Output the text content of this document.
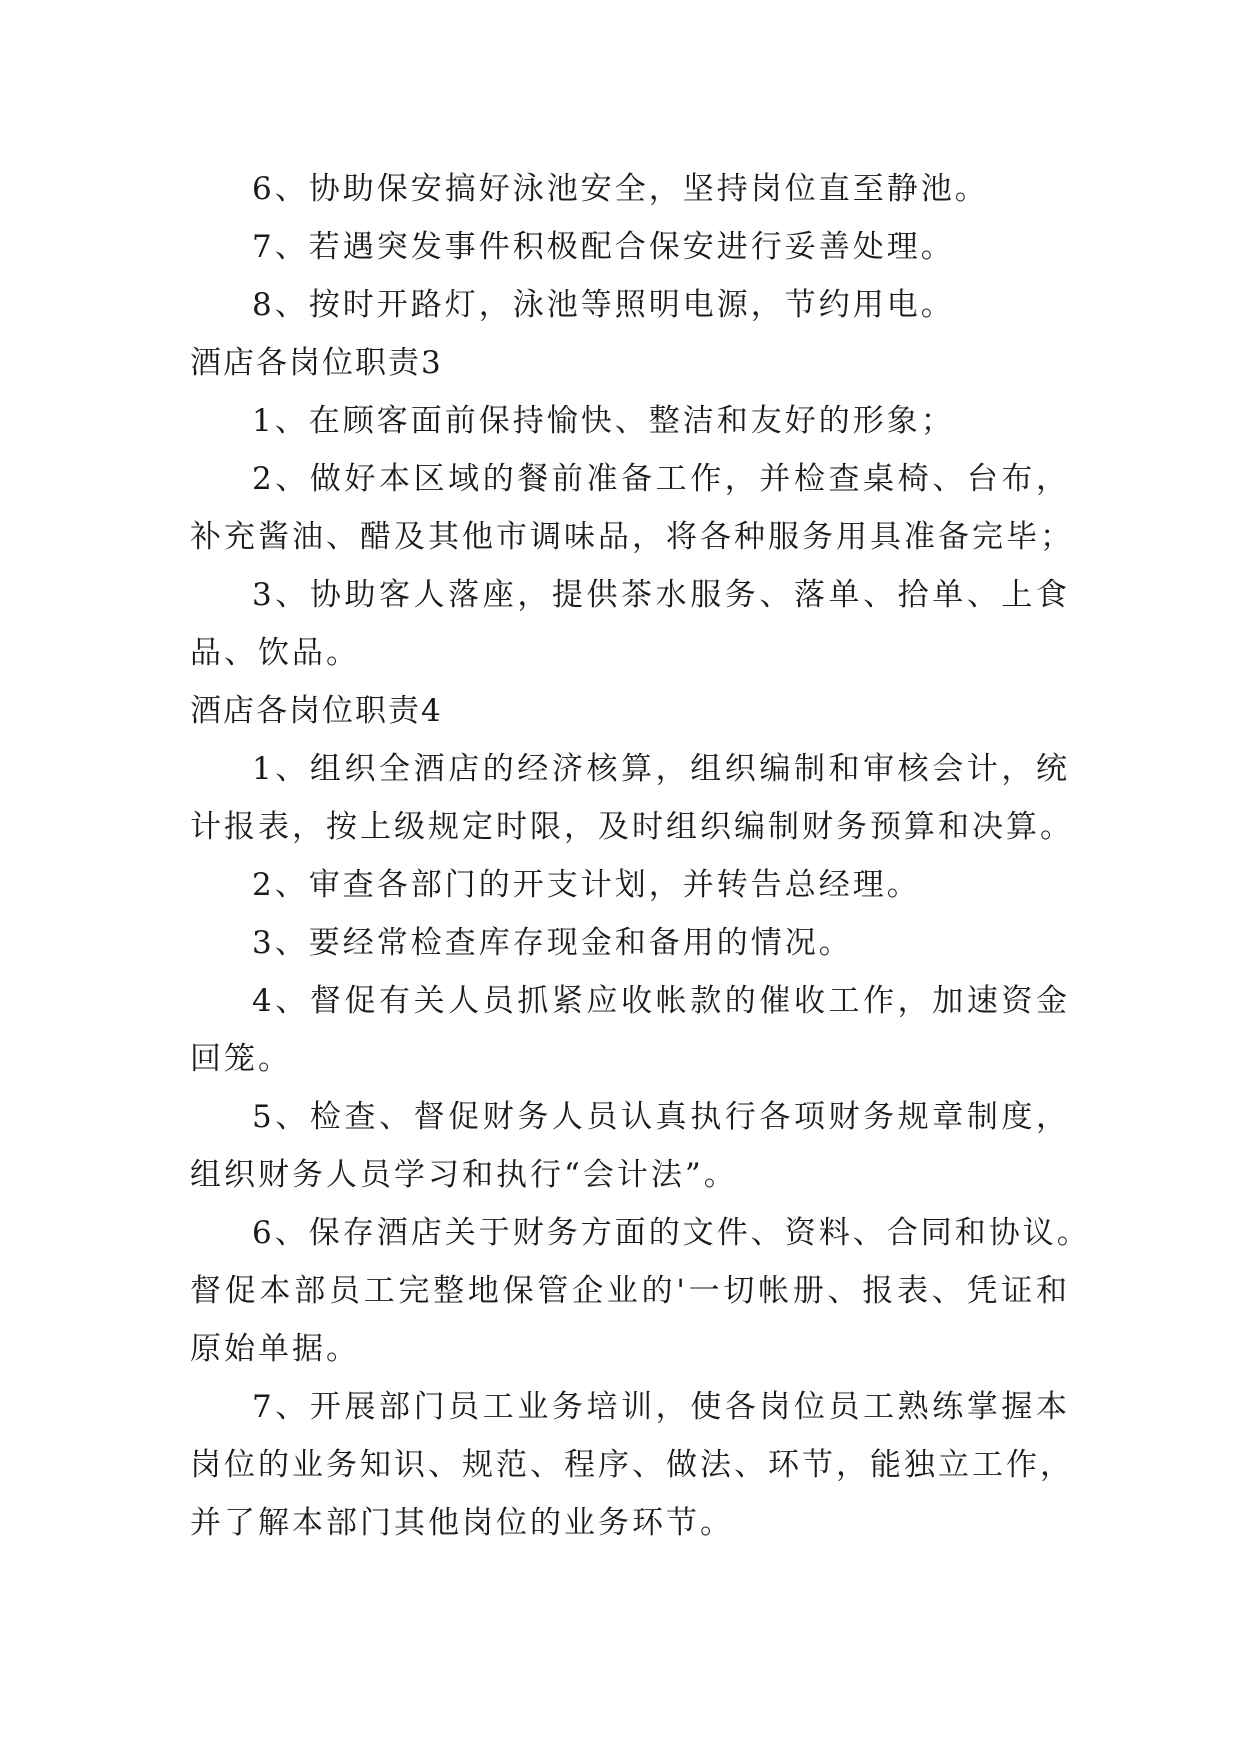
6、协助保安搞好泳池安全，坚持岗位直至静池。
7、若遇突发事件积极配合保安进行妥善处理。
8、按时开路灯，泳池等照明电源，节约用电。
酒店各岗位职责3
1、在顾客面前保持愉快、整洁和友好的形象；
2、做好本区域的餐前准备工作，并检查桌椅、台布，
补充酱油、醋及其他市调味品，将各种服务用具准备完毕；
3、协助客人落座，提供茶水服务、落单、拾单、上食
品、饮品。
酒店各岗位职责4
1、组织全酒店的经济核算，组织编制和审核会计，统
计报表，按上级规定时限，及时组织编制财务预算和决算。
2、审查各部门的开支计划，并转告总经理。
3、要经常检查库存现金和备用的情况。
4、督促有关人员抓紧应收帐款的催收工作，加速资金
回笼。
5、检查、督促财务人员认真执行各项财务规章制度，
组织财务人员学习和执行“会计法”。
6、保存酒店关于财务方面的文件、资料、合同和协议。
督促本部员工完整地保管企业的'一切帐册、报表、凭证和
原始单据。
7、开展部门员工业务培训，使各岗位员工熟练掌握本
岗位的业务知识、规范、程序、做法、环节，能独立工作，
并了解本部门其他岗位的业务环节。
